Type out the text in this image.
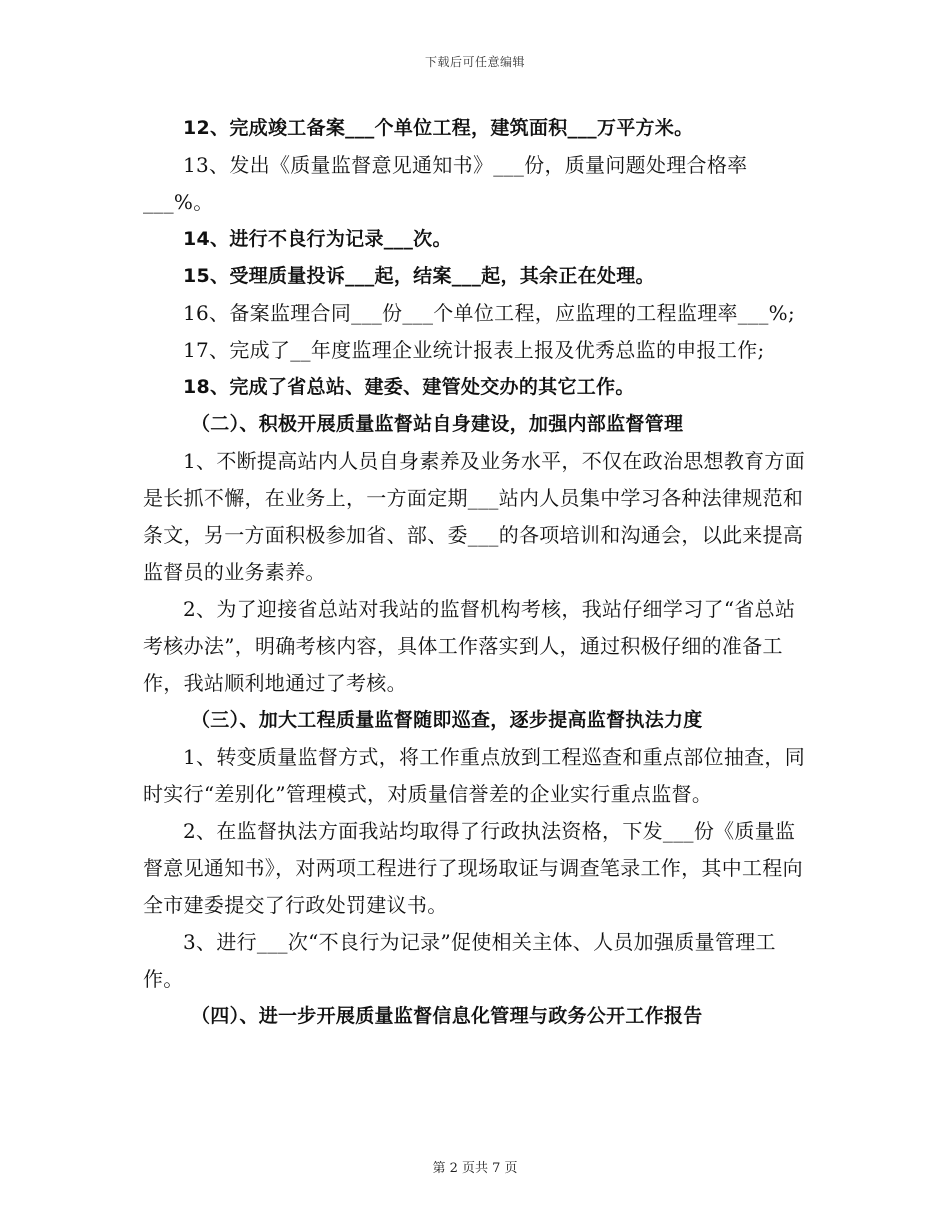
下载后可任意编辑

12、完成竣工备案___个单位工程，建筑面积___万平方米。

13、发出《质量监督意见通知书》___份，质量问题处理合格率___%。

14、进行不良行为记录___次。

15、受理质量投诉___起，结案___起，其余正在处理。

16、备案监理合同___份___个单位工程，应监理的工程监理率___%;

17、完成了__年度监理企业统计报表上报及优秀总监的申报工作;

18、完成了省总站、建委、建管处交办的其它工作。

（二）、积极开展质量监督站自身建设，加强内部监督管理

1、不断提高站内人员自身素养及业务水平，不仅在政治思想教育方面是长抓不懈，在业务上，一方面定期___站内人员集中学习各种法律规范和条文，另一方面积极参加省、部、委___的各项培训和沟通会，以此来提高监督员的业务素养。

2、为了迎接省总站对我站的监督机构考核，我站仔细学习了“省总站考核办法”，明确考核内容，具体工作落实到人，通过积极仔细的准备工作，我站顺利地通过了考核。

（三）、加大工程质量监督随即巡查，逐步提高监督执法力度

1、转变质量监督方式，将工作重点放到工程巡查和重点部位抽查，同时实行“差别化”管理模式，对质量信誉差的企业实行重点监督。

2、在监督执法方面我站均取得了行政执法资格，下发___份《质量监督意见通知书》，对两项工程进行了现场取证与调查笔录工作，其中工程向全市建委提交了行政处罚建议书。

3、进行___次“不良行为记录”促使相关主体、人员加强质量管理工作。

（四）、进一步开展质量监督信息化管理与政务公开工作报告

第 2 页共 7 页
